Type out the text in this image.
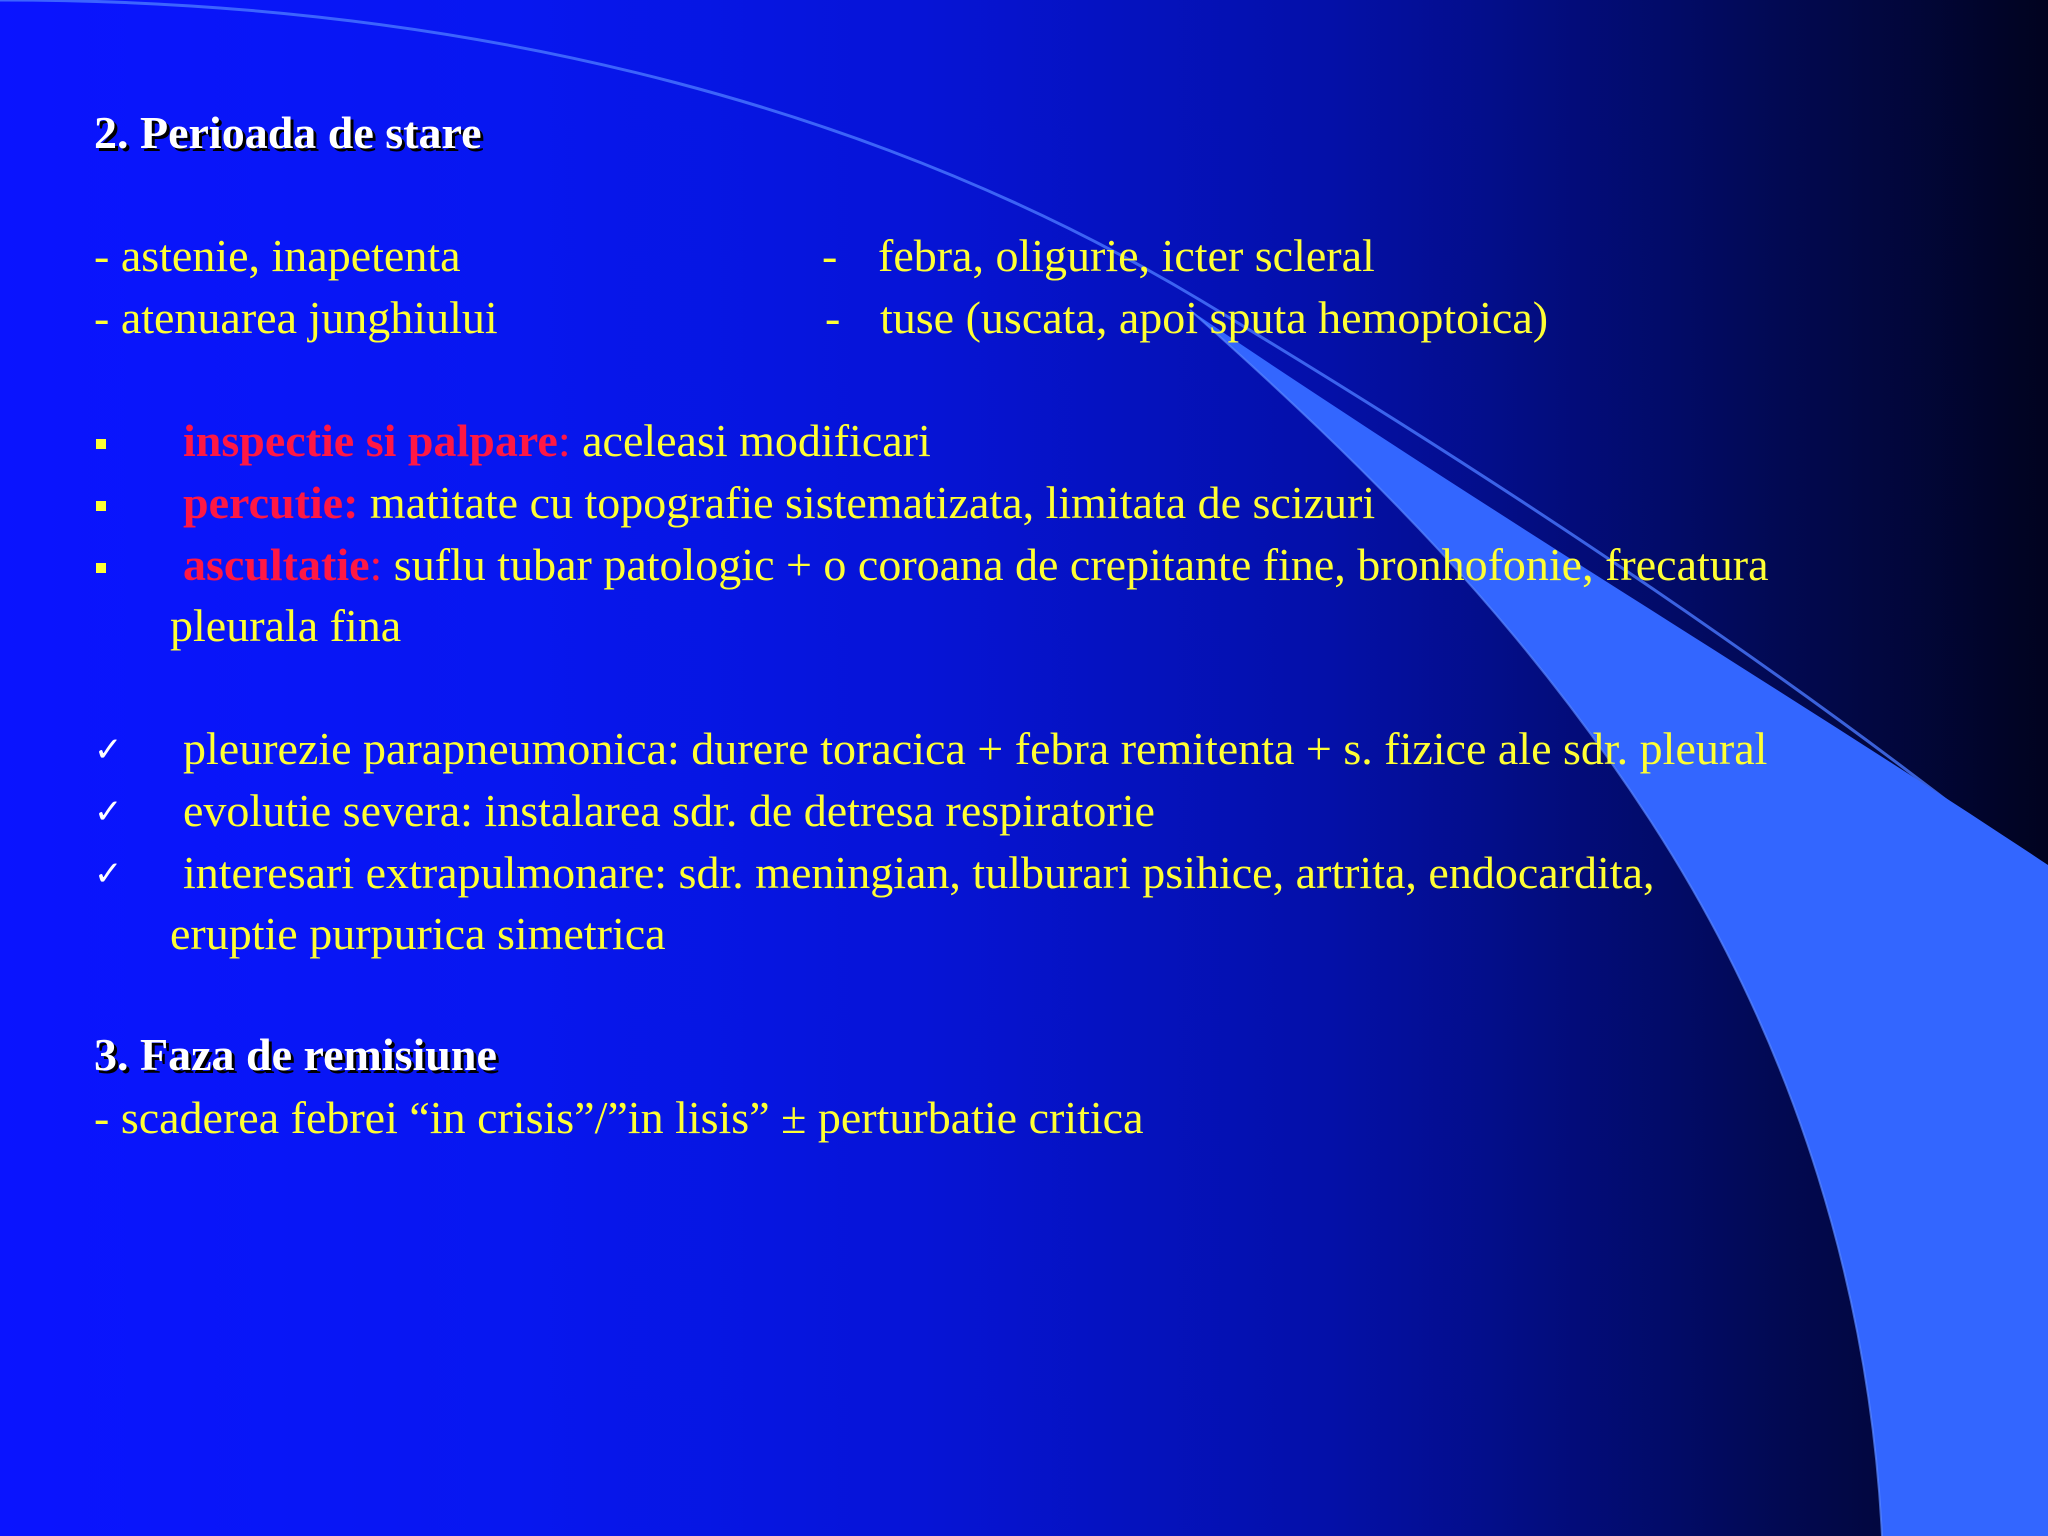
2. Perioada de stare
- astenie, inapetenta
- atenuarea junghiului
- febra, oligurie, icter scleral
- tuse (uscata, apoi sputa hemoptoica)
inspectie si palpare: aceleasi modificari
percutie: matitate cu topografie sistematizata, limitata de scizuri
ascultatie: suflu tubar patologic + o coroana de crepitante fine, bronhofonie, frecatura
pleurala fina
✓ pleurezie parapneumonica: durere toracica + febra remitenta + s. fizice ale sdr. pleural
✓ evolutie severa: instalarea sdr. de detresa respiratorie
✓ interesari extrapulmonare: sdr. meningian, tulburari psihice, artrita, endocardita,
eruptie purpurica simetrica
3. Faza de remisiune
- scaderea febrei “in crisis”/”in lisis” ± perturbatie critica
